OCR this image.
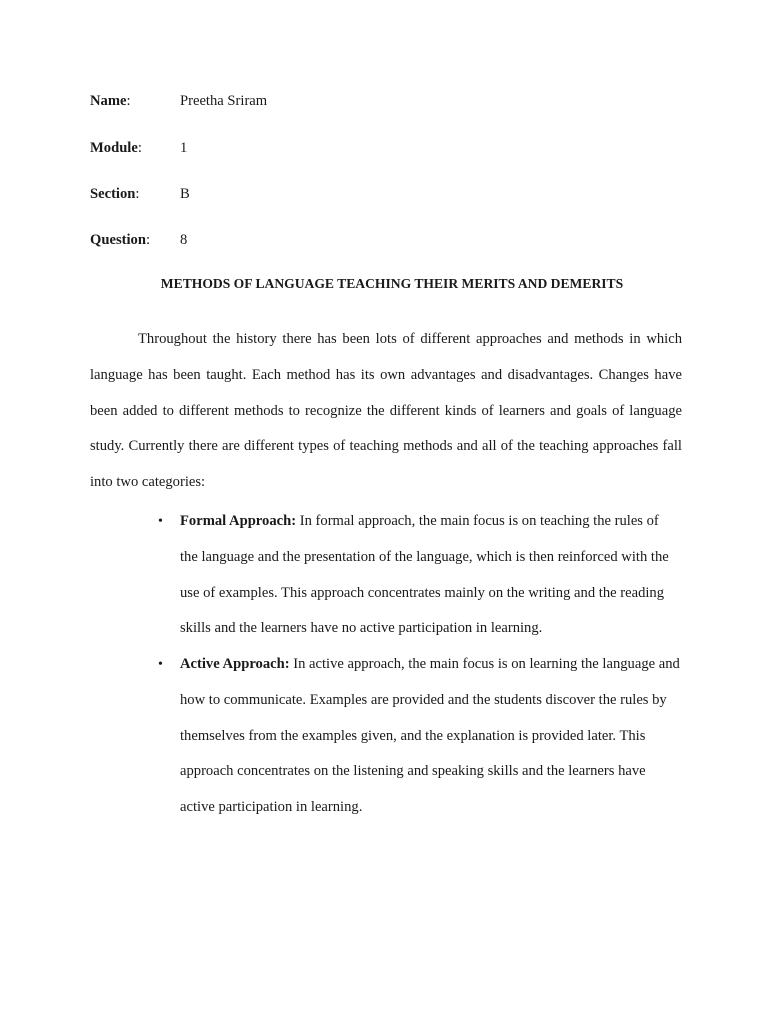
Name:	Preetha Sriram
Module:	1
Section:	B
Question: 8
METHODS OF LANGUAGE TEACHING THEIR MERITS AND DEMERITS

Throughout the history there has been lots of different approaches and methods in which language has been taught. Each method has its own advantages and disadvantages. Changes have been added to different methods to recognize the different kinds of learners and goals of language study. Currently there are different types of teaching methods and all of the teaching approaches fall into two categories:

• Formal Approach: In formal approach, the main focus is on teaching the rules of the language and the presentation of the language, which is then reinforced with the use of examples. This approach concentrates mainly on the writing and the reading skills and the learners have no active participation in learning.
• Active Approach: In active approach, the main focus is on learning the language and how to communicate. Examples are provided and the students discover the rules by themselves from the examples given, and the explanation is provided later. This approach concentrates on the listening and speaking skills and the learners have active participation in learning.
